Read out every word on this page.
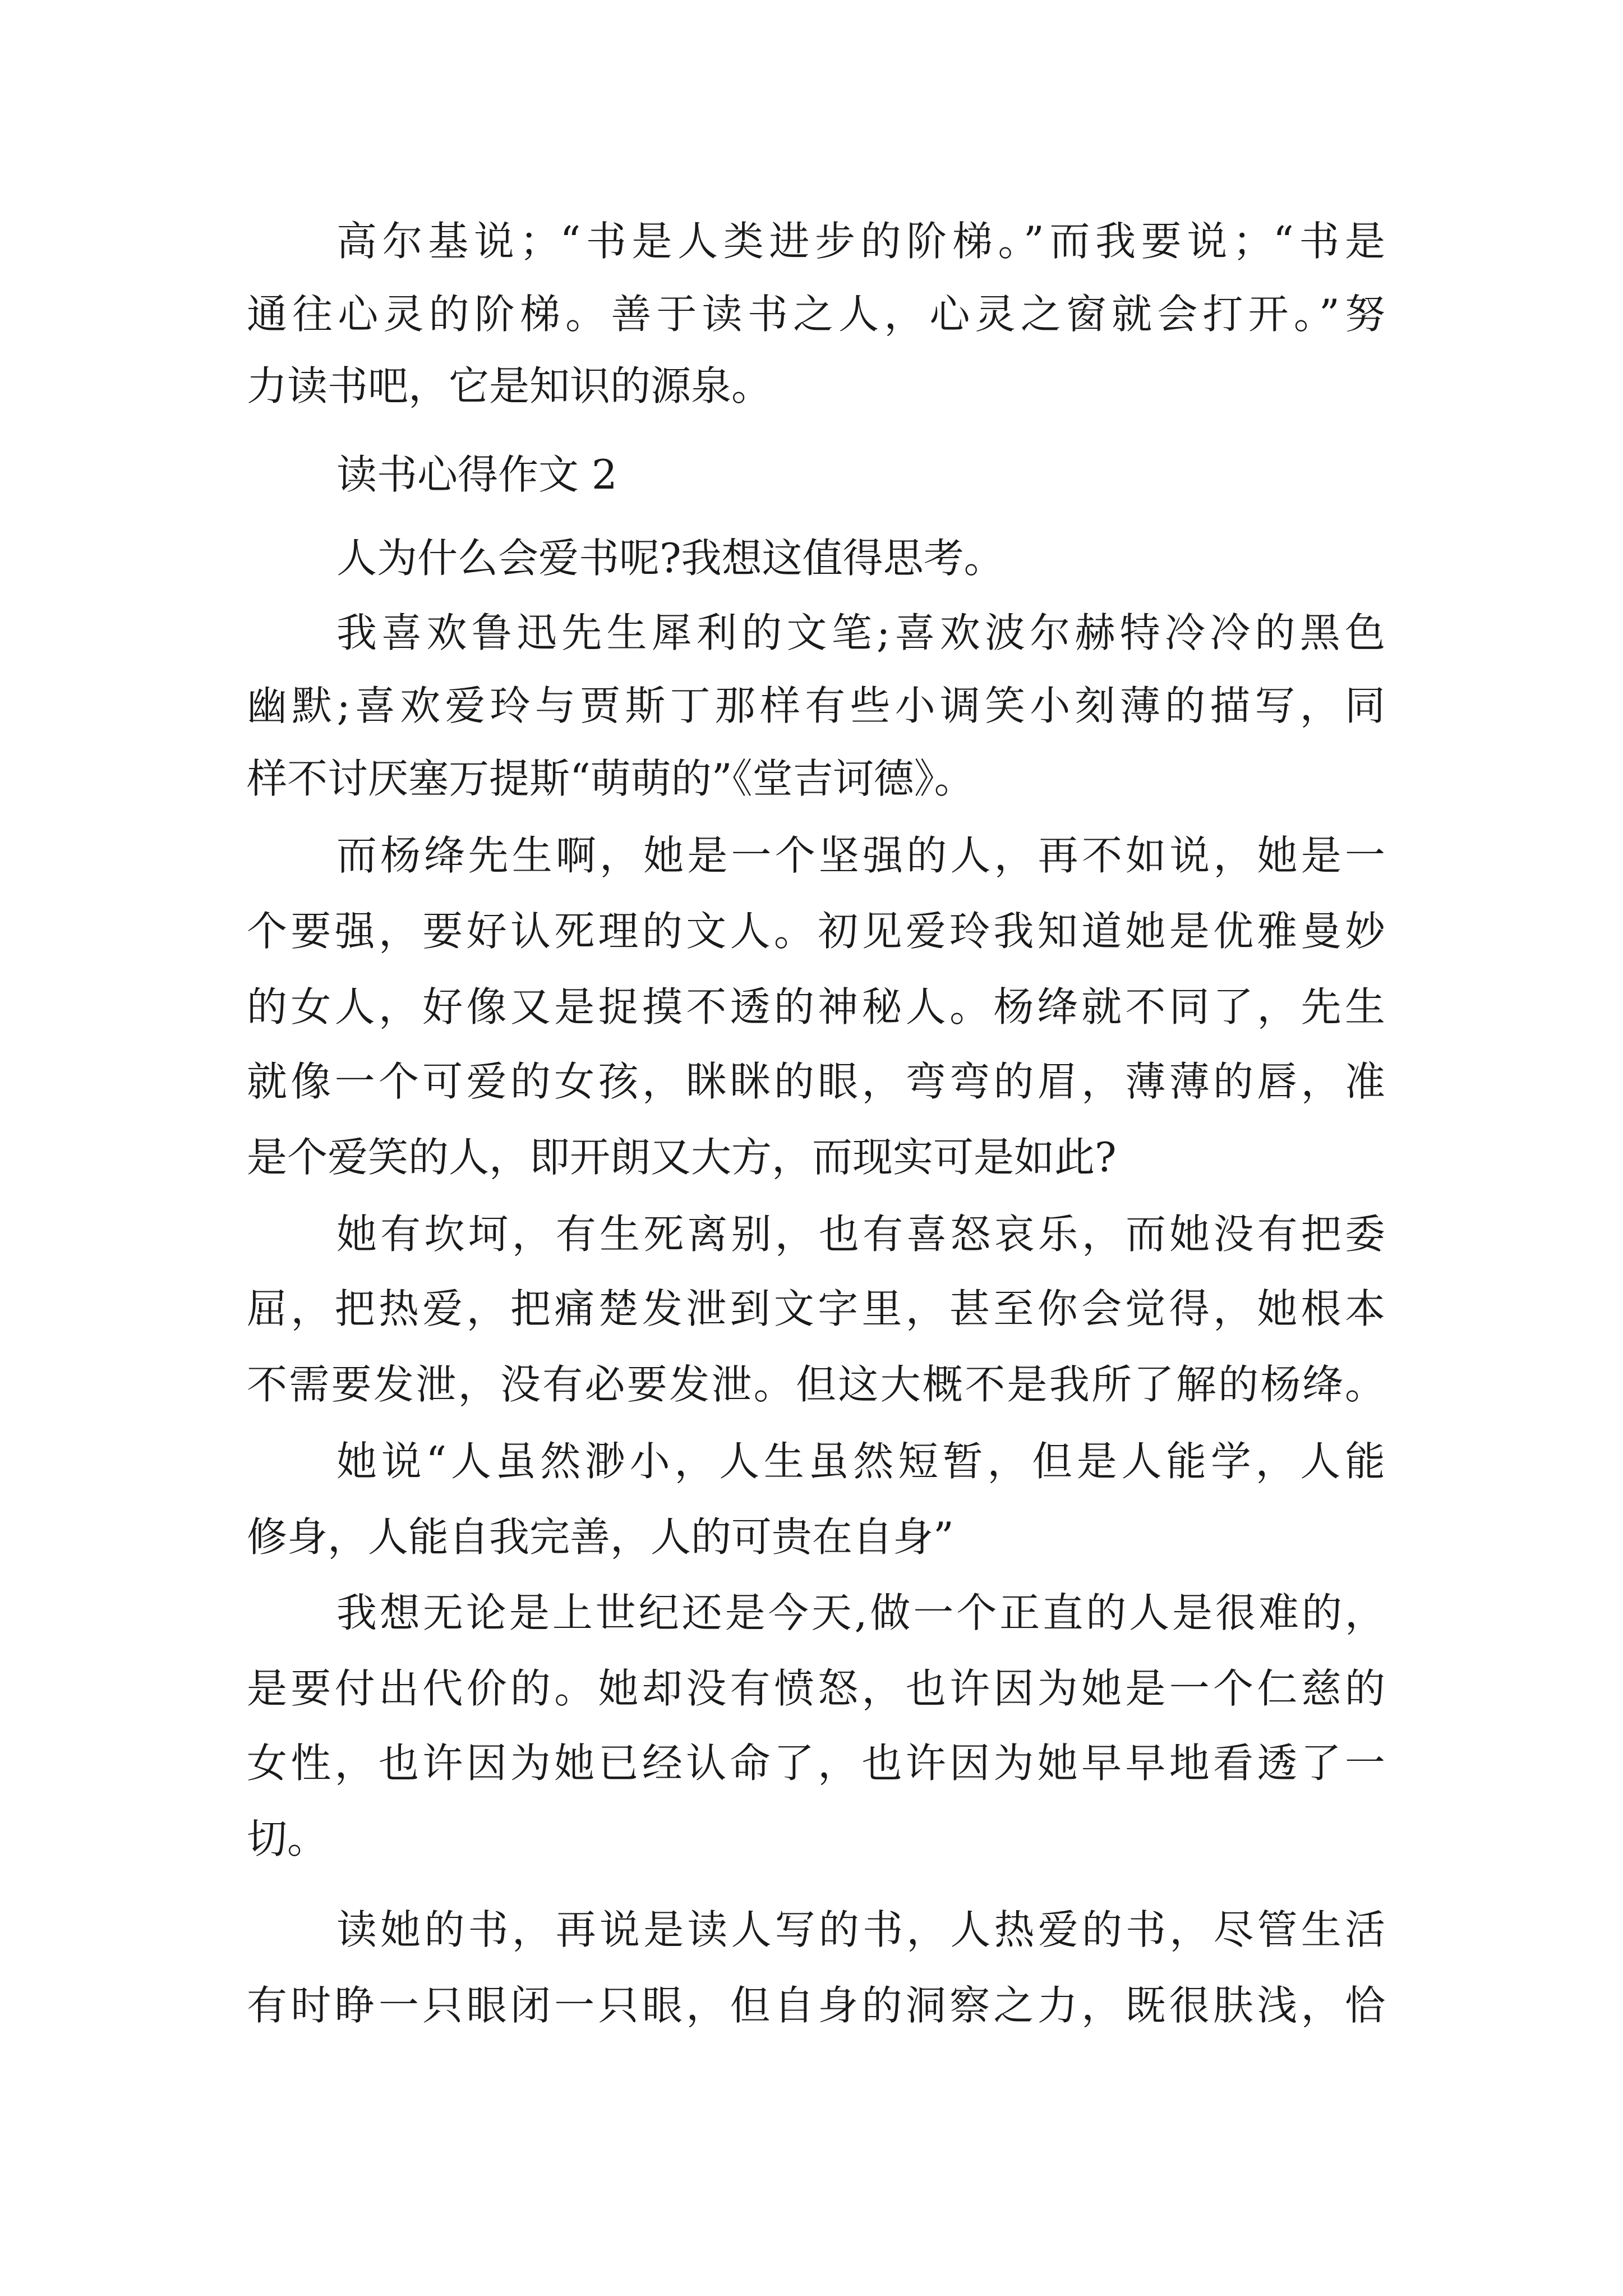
高尔基说；“书是人类进步的阶梯。”而我要说；“书是

通往心灵的阶梯。善于读书之人，心灵之窗就会打开。”努

力读书吧，它是知识的源泉。

读书心得作文 2

人为什么会爱书呢?我想这值得思考。

我喜欢鲁迅先生犀利的文笔;喜欢波尔赫特冷冷的黑色

幽默;喜欢爱玲与贾斯丁那样有些小调笑小刻薄的描写，同

样不讨厌塞万提斯“萌萌的”《堂吉诃德》。

而杨绛先生啊，她是一个坚强的人，再不如说，她是一

个要强，要好认死理的文人。初见爱玲我知道她是优雅曼妙

的女人，好像又是捉摸不透的神秘人。杨绛就不同了，先生

就像一个可爱的女孩，眯眯的眼，弯弯的眉，薄薄的唇，准

是个爱笑的人，即开朗又大方，而现实可是如此?

她有坎坷，有生死离别，也有喜怒哀乐，而她没有把委

屈，把热爱，把痛楚发泄到文字里，甚至你会觉得，她根本

不需要发泄，没有必要发泄。但这大概不是我所了解的杨绛。

她说“人虽然渺小，人生虽然短暂，但是人能学，人能

修身，人能自我完善，人的可贵在自身”

我想无论是上世纪还是今天,做一个正直的人是很难的，

是要付出代价的。她却没有愤怒，也许因为她是一个仁慈的

女性，也许因为她已经认命了，也许因为她早早地看透了一

切。

读她的书，再说是读人写的书，人热爱的书，尽管生活

有时睁一只眼闭一只眼，但自身的洞察之力，既很肤浅，恰
